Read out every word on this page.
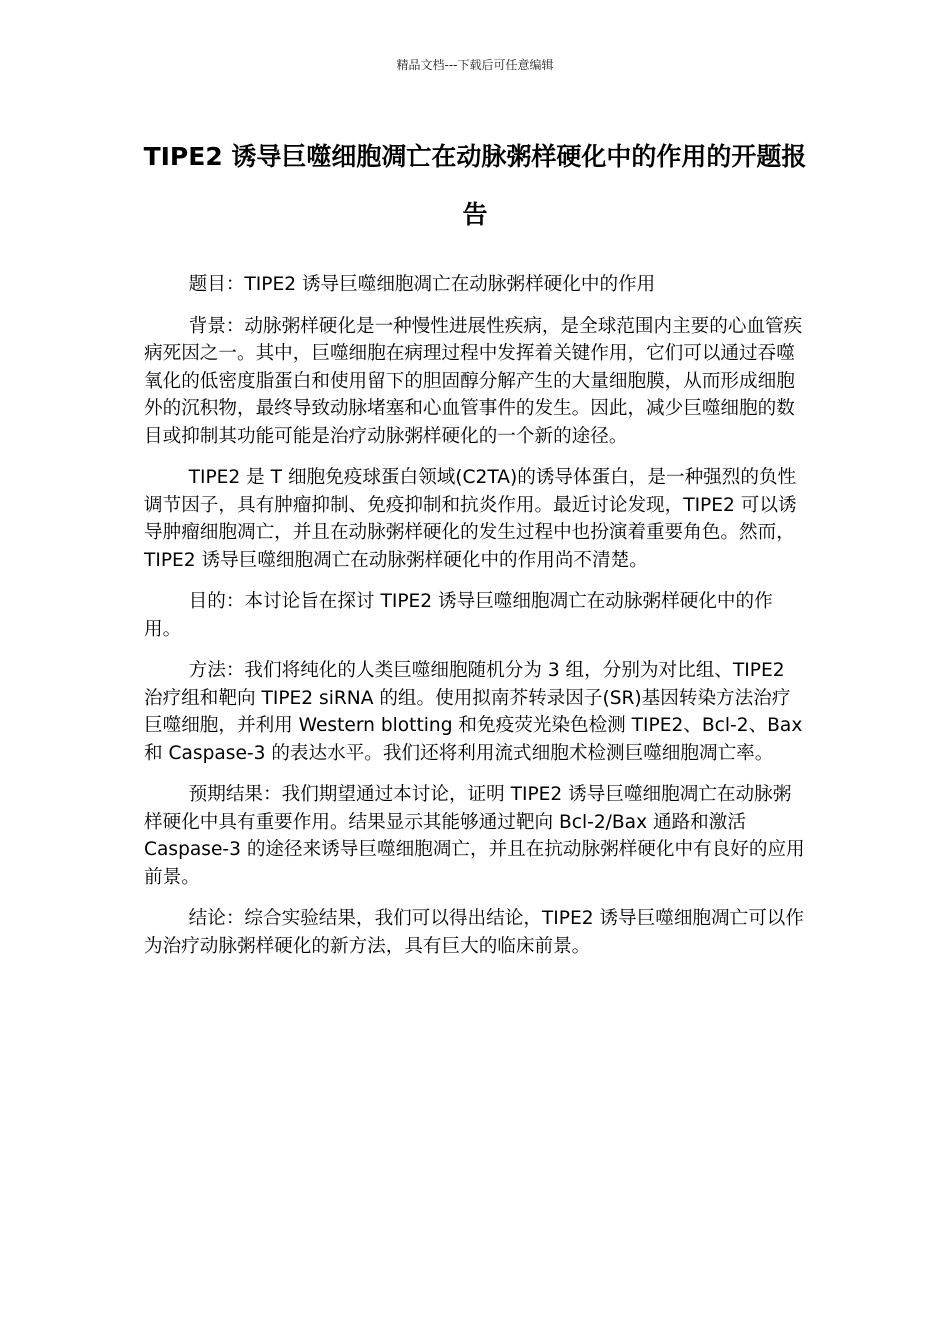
精品文档---下载后可任意编辑
TIPE2 诱导巨噬细胞凋亡在动脉粥样硬化中的作用的开题报告

题目：TIPE2 诱导巨噬细胞凋亡在动脉粥样硬化中的作用

背景：动脉粥样硬化是一种慢性进展性疾病，是全球范围内主要的心血管疾病死因之一。其中，巨噬细胞在病理过程中发挥着关键作用，它们可以通过吞噬氧化的低密度脂蛋白和使用留下的胆固醇分解产生的大量细胞膜，从而形成细胞外的沉积物，最终导致动脉堵塞和心血管事件的发生。因此，减少巨噬细胞的数目或抑制其功能可能是治疗动脉粥样硬化的一个新的途径。

TIPE2 是 T 细胞免疫球蛋白领域(C2TA)的诱导体蛋白，是一种强烈的负性调节因子，具有肿瘤抑制、免疫抑制和抗炎作用。最近讨论发现，TIPE2 可以诱导肿瘤细胞凋亡，并且在动脉粥样硬化的发生过程中也扮演着重要角色。然而，TIPE2 诱导巨噬细胞凋亡在动脉粥样硬化中的作用尚不清楚。

目的：本讨论旨在探讨 TIPE2 诱导巨噬细胞凋亡在动脉粥样硬化中的作用。

方法：我们将纯化的人类巨噬细胞随机分为 3 组，分别为对比组、TIPE2 治疗组和靶向 TIPE2 siRNA 的组。使用拟南芥转录因子(SR)基因转染方法治疗巨噬细胞，并利用 Western blotting 和免疫荧光染色检测 TIPE2、Bcl-2、Bax 和 Caspase-3 的表达水平。我们还将利用流式细胞术检测巨噬细胞凋亡率。

预期结果：我们期望通过本讨论，证明 TIPE2 诱导巨噬细胞凋亡在动脉粥样硬化中具有重要作用。结果显示其能够通过靶向 Bcl-2/Bax 通路和激活 Caspase-3 的途径来诱导巨噬细胞凋亡，并且在抗动脉粥样硬化中有良好的应用前景。

结论：综合实验结果，我们可以得出结论，TIPE2 诱导巨噬细胞凋亡可以作为治疗动脉粥样硬化的新方法，具有巨大的临床前景。
